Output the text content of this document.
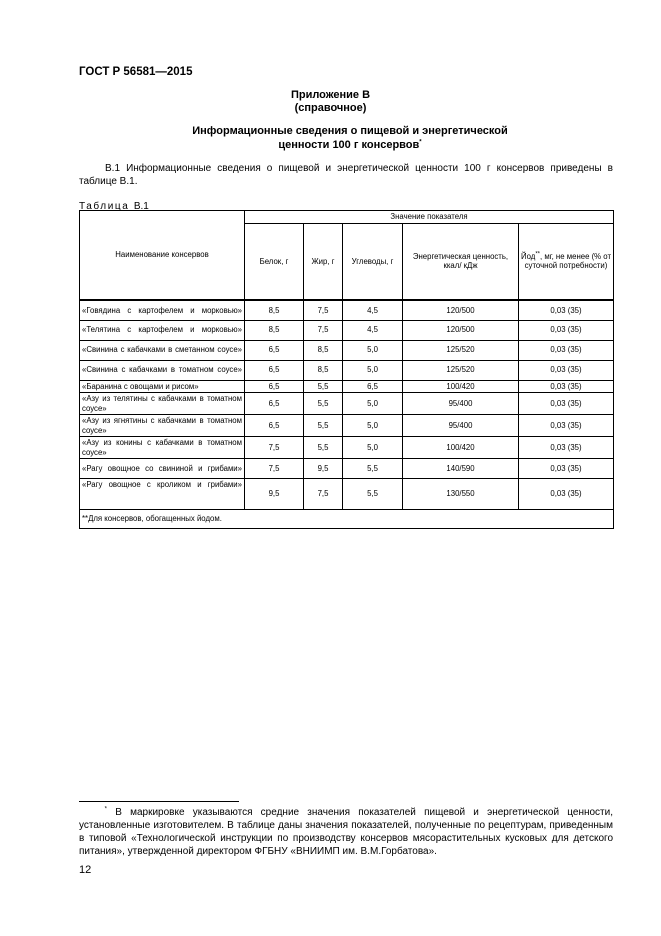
ГОСТ Р 56581—2015
Приложение В
(справочное)
Информационные сведения о пищевой и энергетической
ценности 100 г консервов*
В.1 Информационные сведения о пищевой и энергетической ценности 100 г консервов приведены в таблице В.1.
Таблица В.1
Наименование консервов	Значение показателя				
	Белок, г	Жир, г	Углеводы, г	Энергетическая ценность, ккал/ кДж	Йод**, мг, не менее (% от суточной потребности)
«Говядина с картофелем и морковью»	8,5	7,5	4,5	120/500	0,03 (35)
«Телятина с картофелем и морковью»	8,5	7,5	4,5	120/500	0,03 (35)
«Свинина с кабачками в сметанном соусе»	6,5	8,5	5,0	125/520	0,03 (35)
«Свинина с кабачками в томатном соусе»	6,5	8,5	5,0	125/520	0,03 (35)
«Баранина с овощами и рисом»	6,5	5,5	6,5	100/420	0,03 (35)
«Азу из телятины с кабачками в томатном соусе»	6,5	5,5	5,0	95/400	0,03 (35)
«Азу из ягнятины с кабачками в томатном соусе»	6,5	5,5	5,0	95/400	0,03 (35)
«Азу из конины с кабачками в томатном соусе»	7,5	5,5	5,0	100/420	0,03 (35)
«Рагу овощное со свининой и грибами»	7,5	9,5	5,5	140/590	0,03 (35)
«Рагу овощное с кроликом и грибами»	9,5	7,5	5,5	130/550	0,03 (35)
**Для консервов, обогащенных йодом.					
* В маркировке указываются средние значения показателей пищевой и энергетической ценности, установленные изготовителем. В таблице даны значения показателей, полученные по рецептурам, приведенным в типовой «Технологической инструкции по производству консервов мясорастительных кусковых для детского питания», утвержденной директором ФГБНУ «ВНИИМП им. В.М.Горбатова».
12
